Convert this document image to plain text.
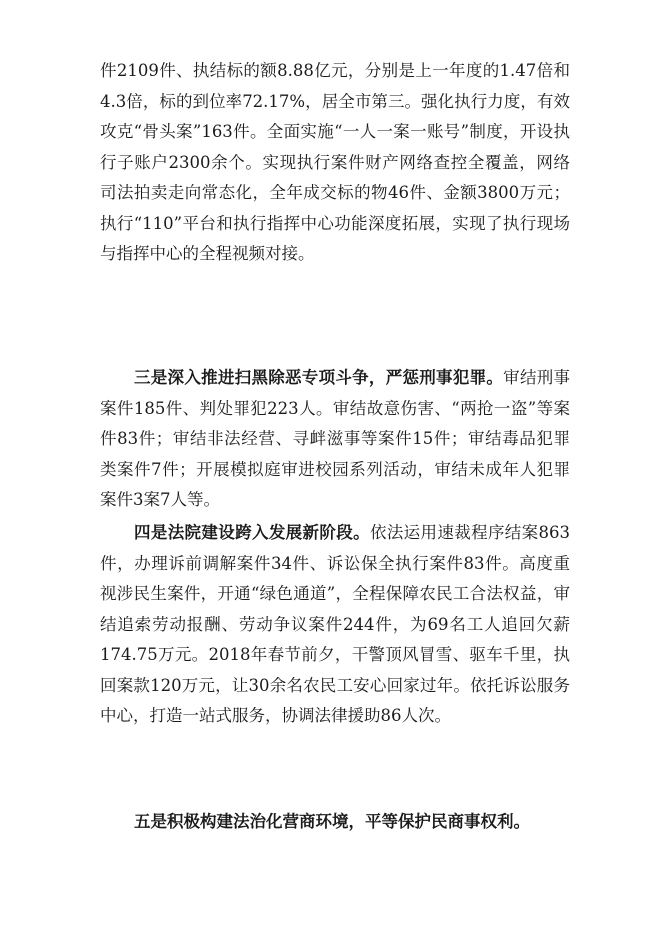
件2109件、执结标的额8.88亿元，分别是上一年度的1.47倍和4.3倍，标的到位率72.17%，居全市第三。强化执行力度，有效攻克“骨头案”163件。全面实施“一人一案一账号”制度，开设执行子账户2300余个。实现执行案件财产网络查控全覆盖，网络司法拍卖走向常态化，全年成交标的物46件、金额3800万元；执行“110”平台和执行指挥中心功能深度拓展，实现了执行现场与指挥中心的全程视频对接。

三是深入推进扫黑除恶专项斗争，严惩刑事犯罪。审结刑事案件185件、判处罪犯223人。审结故意伤害、“两抢一盗”等案件83件；审结非法经营、寻衅滋事等案件15件；审结毒品犯罪类案件7件；开展模拟庭审进校园系列活动，审结未成年人犯罪案件3案7人等。

四是法院建设跨入发展新阶段。依法运用速裁程序结案863件，办理诉前调解案件34件、诉讼保全执行案件83件。高度重视涉民生案件，开通“绿色通道”，全程保障农民工合法权益，审结追索劳动报酬、劳动争议案件244件，为69名工人追回欠薪174.75万元。2018年春节前夕，干警顶风冒雪、驱车千里，执回案款120万元，让30余名农民工安心回家过年。依托诉讼服务中心，打造一站式服务，协调法律援助86人次。

五是积极构建法治化营商环境，平等保护民商事权利。
